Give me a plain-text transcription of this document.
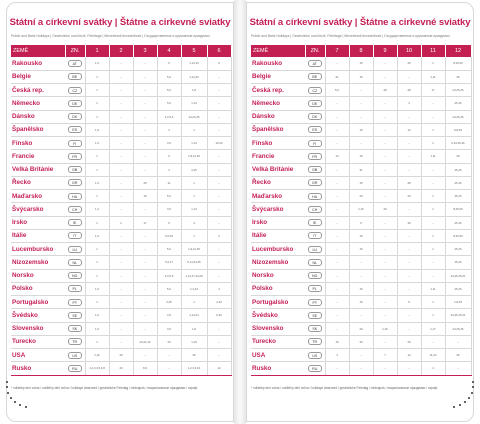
Státní a církevní svátky | Štátne a cirkevné sviatky
Public and Bank Holidays | Gesetzliche und kirchl. Feiertage | Menetrendi bevezetések | Государственные и церковные праздники
ZEMĚ	ZN.	1	2	3	4	5	6
Rakousko	AT	1,6	–	–	6	1,14,15	6
Belgie	BE	1	–	–	5,6	1,14,25	–
Česká rep.	CZ	1	–	–	5,6	1,8	–
Německo	DE	1	–	–	5,6	1,14	–
Dánsko	DK	1	–	–	2,3,5,6	14,24,25	–
Španělsko	ES	1,6	–	–	3	1	–
Finsko	FI	1,6	–	–	3,6	1,14	19,20
Francie	FR	1	–	–	6	1,8,14,25	–
Velká Británie	GB	1	–	–	3	4,25	–
Řecko	GR	1,6	–	25	11	1	–
Maďarsko	HU	1	–	15	5,6	1	–
Švýcarsko	CH	1,2	–	–	3,6	1,14	–
Irsko	IE	1	2	17	6	4	–
Itálie	IT	1,6	–	–	5,6,25	1	2
Lucembursko	LU	1	–	–	5,6	1,9,14,25	–
Nizozemsko	NL	1	–	–	5,6,27	5,14,24,25	–
Norsko	NO	1	–	–	2,3,5,6	1,14,17,24,25	–
Polsko	PL	1,6	–	–	5,6	1,3,24	4
Portugalsko	PT	1	–	–	3,25	1	4,10
Švédsko	SE	1,6	–	–	3,6	1,14,24	6,20
Slovensko	SK	1,6	–	–	3,6	1,8	–
Turecko	TR	1	–	20,21,22	23	1,19	–
USA	US	1,16	20	–	–	29	–
Rusko	RU	1,2,3,4,5,6,8	23	8,9	–	1,2,3,9,10	12
* volitelný den volna / voliteľný deň voľna / holidays observed / gesetzliche Feiertag / védnapok / национальные праздники / тариф
Státní a církevní svátky | Štátne a cirkevné sviatky
Public and Bank Holidays | Gesetzliche und kirchl. Feiertage | Menetrendi bevezetések | Государственные и церковные праздники
ZEMĚ	ZN.	7	8	9	10	11	12
Rakousko	AT	–	15	–	26	1	8,25,26
Belgie	BE	21	15	–	–	1,11	25
Česká rep.	CZ	5,6	–	28	28	17	24,25,26
Německo	DE	–	–	–	3	–	25,26
Dánsko	DK	–	–	–	–	–	24,25,26
Španělsko	ES	–	15	–	12	1	6,8,25
Finsko	FI	–	–	–	–	1	6,24,25,26
Francie	FR	14	15	–	–	1,11	25
Velká Británie	GB	–	31	–	–	–	25,26
Řecko	GR	–	15	–	28	–	25,26
Maďarsko	HU	–	20	–	23	1	25,26
Švýcarsko	CH	–	1,15	20	–	1	8,25,26
Irsko	IE	–	5	–	30	–	25,26
Itálie	IT	–	15	–	–	1	8,25,26
Lucembursko	LU	–	15	–	–	1	25,26
Nizozemsko	NL	–	–	–	–	–	25,26
Norsko	NO	–	–	–	–	–	24,25,26,31
Polsko	PL	–	15	–	–	1,11	25,26
Portugalsko	PT	–	15	–	5	1	1,8,25
Švédsko	SE	–	–	–	–	1	24,25,26,31
Slovensko	SK	–	29	1,15	–	1,17	24,25,26
Turecko	TR	15	30	–	29	–	–
USA	US	4	–	7	12	11,23	25
Rusko	RU	–	–	–	–	4	–
* volitelný den volna / voliteľný deň voľna / holidays observed / gesetzliche Feiertag / védnapok / национальные праздники / тариф
